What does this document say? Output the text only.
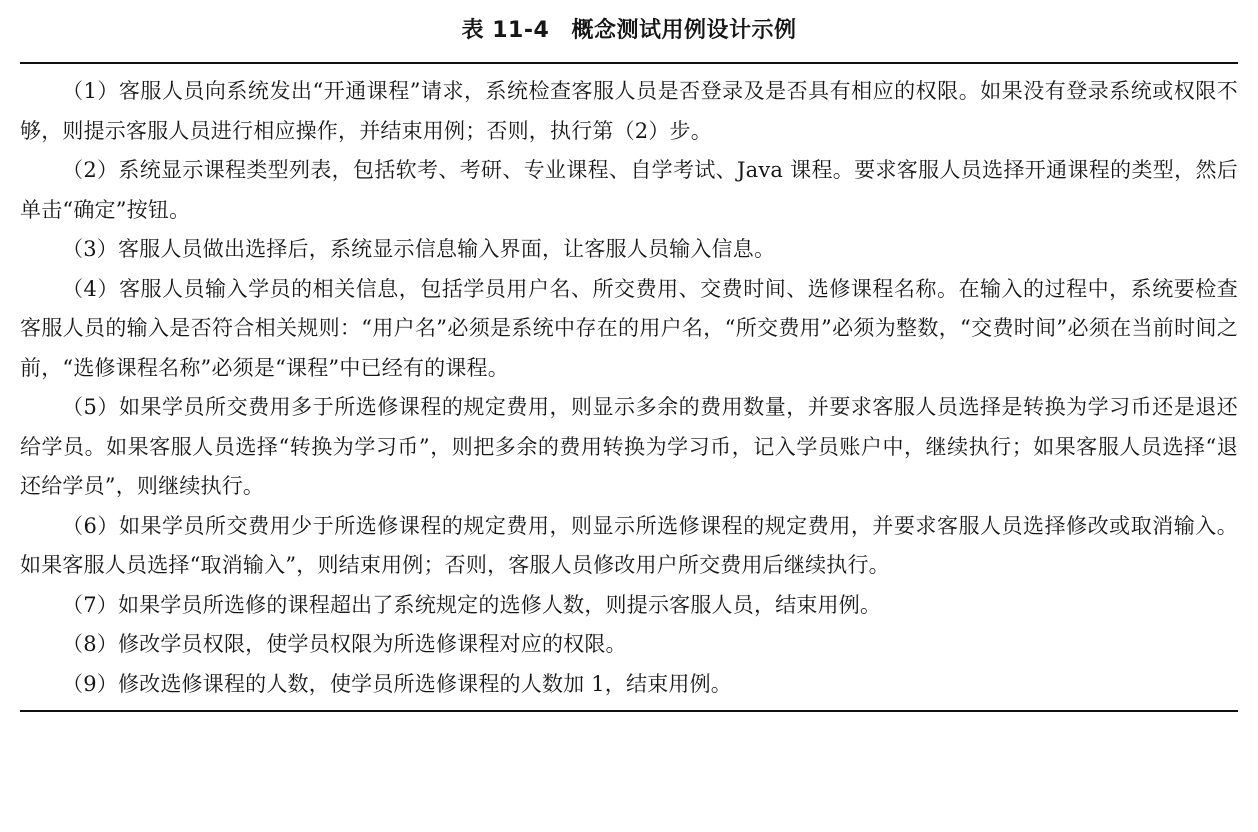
表 11-4 概念测试用例设计示例

（1）客服人员向系统发出“开通课程”请求，系统检查客服人员是否登录及是否具有相应的权限。如果没有登录系统或权限不够，则提示客服人员进行相应操作，并结束用例；否则，执行第（2）步。

（2）系统显示课程类型列表，包括软考、考研、专业课程、自学考试、Java 课程。要求客服人员选择开通课程的类型，然后单击“确定”按钮。

（3）客服人员做出选择后，系统显示信息输入界面，让客服人员输入信息。

（4）客服人员输入学员的相关信息，包括学员用户名、所交费用、交费时间、选修课程名称。在输入的过程中，系统要检查客服人员的输入是否符合相关规则：“用户名”必须是系统中存在的用户名，“所交费用”必须为整数，“交费时间”必须在当前时间之前，“选修课程名称”必须是“课程”中已经有的课程。

（5）如果学员所交费用多于所选修课程的规定费用，则显示多余的费用数量，并要求客服人员选择是转换为学习币还是退还给学员。如果客服人员选择“转换为学习币”，则把多余的费用转换为学习币，记入学员账户中，继续执行；如果客服人员选择“退还给学员”，则继续执行。

（6）如果学员所交费用少于所选修课程的规定费用，则显示所选修课程的规定费用，并要求客服人员选择修改或取消输入。如果客服人员选择“取消输入”，则结束用例；否则，客服人员修改用户所交费用后继续执行。

（7）如果学员所选修的课程超出了系统规定的选修人数，则提示客服人员，结束用例。

（8）修改学员权限，使学员权限为所选修课程对应的权限。

（9）修改选修课程的人数，使学员所选修课程的人数加 1，结束用例。
